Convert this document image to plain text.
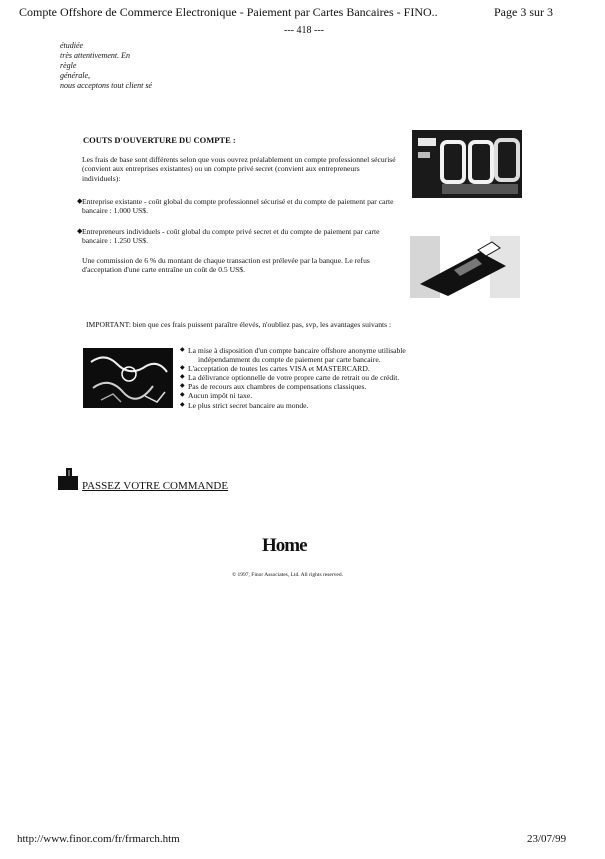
Compte Offshore de Commerce Electronique - Paiement par Cartes Bancaires - FINO..	Page 3 sur 3
--- 418 ---
étudiée
très attentivement. En
règle
générale,
nous acceptons tout client sé
COUTS D'OUVERTURE DU COMPTE :
Les frais de base sont différents selon que vous ouvrez préalablement un compte professionnel sécurisé (convient aux entreprises existantes) ou un compte privé secret (convient aux entrepreneurs individuels):
◆ Entreprise existante - coût global du compte professionnel sécurisé et du compte de paiement par carte bancaire : 1.000 US$.
◆ Entrepreneurs individuels - coût global du compte privé secret et du compte de paiement par carte bancaire : 1.250 US$.
Une commission de 6 % du montant de chaque transaction est prélevée par la banque. Le refus d'acceptation d'une carte entraîne un coût de 0.5 US$.
IMPORTANT: bien que ces frais puissent paraître élevés, n'oubliez pas, svp, les avantages suivants :
◆ La mise à disposition d'un compte bancaire offshore anonyme utilisable
indépendamment du compte de paiement par carte bancaire.
◆ L'acceptation de toutes les cartes VISA et MASTERCARD.
◆ La délivrance optionnelle de votre propre carte de retrait ou de crédit.
◆ Pas de recours aux chambres de compensations classiques.
◆ Aucun impôt ni taxe.
◆ Le plus strict secret bancaire au monde.
PASSEZ VOTRE COMMANDE
Home
© 1997, Finor Associates, Ltd. All rights reserved.
http://www.finor.com/fr/frmarch.htm	23/07/99
